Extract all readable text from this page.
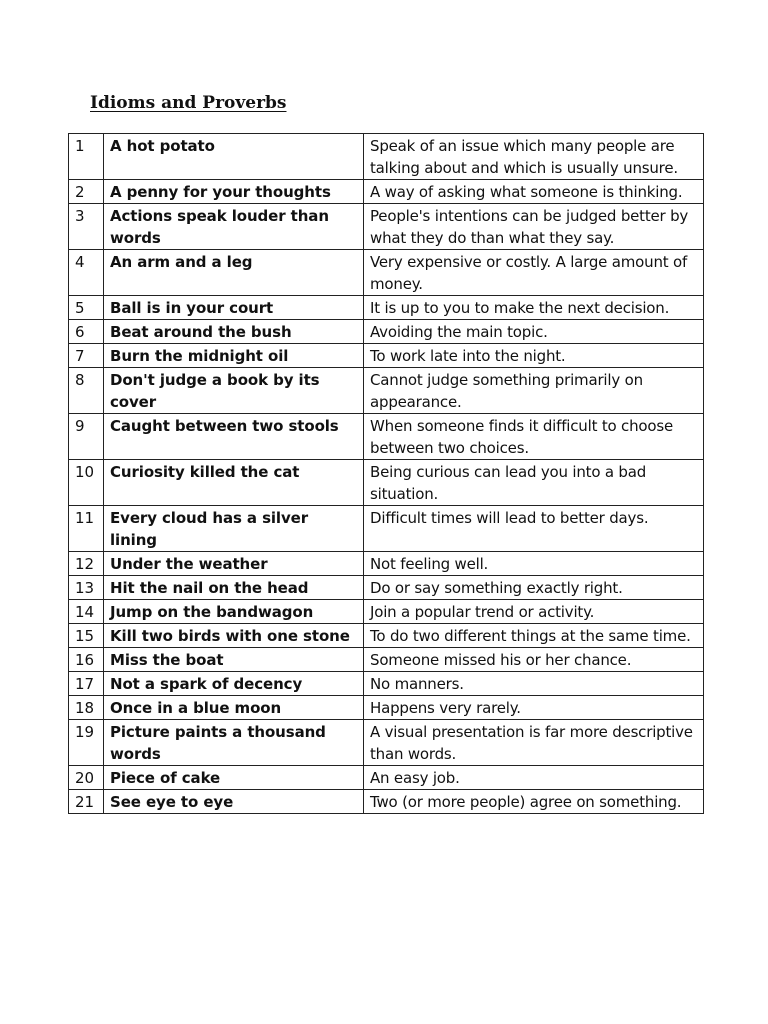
Idioms and Proverbs
1	A hot potato	Speak of an issue which many people are talking about and which is usually unsure.
2	A penny for your thoughts	A way of asking what someone is thinking.
3	Actions speak louder than words	People's intentions can be judged better by what they do than what they say.
4	An arm and a leg	Very expensive or costly. A large amount of money.
5	Ball is in your court	It is up to you to make the next decision.
6	Beat around the bush	Avoiding the main topic.
7	Burn the midnight oil	To work late into the night.
8	Don't judge a book by its cover	Cannot judge something primarily on appearance.
9	Caught between two stools	When someone finds it difficult to choose between two choices.
10	Curiosity killed the cat	Being curious can lead you into a bad situation.
11	Every cloud has a silver lining	Difficult times will lead to better days.
12	Under the weather	Not feeling well.
13	Hit the nail on the head	Do or say something exactly right.
14	Jump on the bandwagon	Join a popular trend or activity.
15	Kill two birds with one stone	To do two different things at the same time.
16	Miss the boat	Someone missed his or her chance.
17	Not a spark of decency	No manners.
18	Once in a blue moon	Happens very rarely.
19	Picture paints a thousand words	A visual presentation is far more descriptive than words.
20	Piece of cake	An easy job.
21	See eye to eye	Two (or more people) agree on something.
